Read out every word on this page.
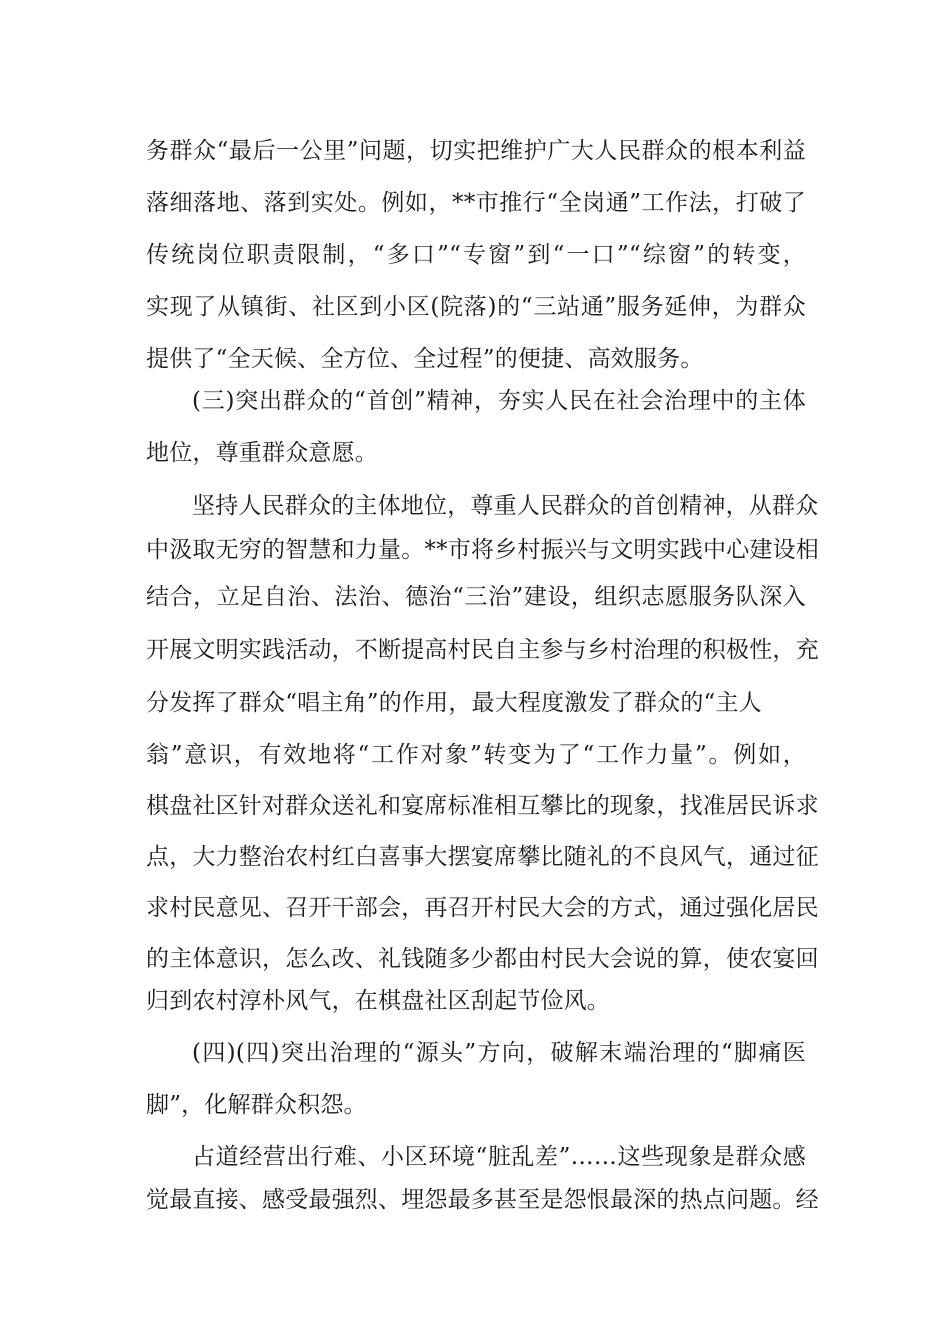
务群众“最后一公里”问题，切实把维护广大人民群众的根本利益
落细落地、落到实处。例如，**市推行“全岗通”工作法，打破了
传统岗位职责限制，“多口”“专窗”到“一口”“综窗”的转变，
实现了从镇街、社区到小区(院落)的“三站通”服务延伸，为群众
提供了“全天候、全方位、全过程”的便捷、高效服务。
(三)突出群众的“首创”精神，夯实人民在社会治理中的主体
地位，尊重群众意愿。
坚持人民群众的主体地位，尊重人民群众的首创精神，从群众
中汲取无穷的智慧和力量。**市将乡村振兴与文明实践中心建设相
结合，立足自治、法治、德治“三治”建设，组织志愿服务队深入
开展文明实践活动，不断提高村民自主参与乡村治理的积极性，充
分发挥了群众“唱主角”的作用，最大程度激发了群众的“主人
翁”意识，有效地将“工作对象”转变为了“工作力量”。例如，
棋盘社区针对群众送礼和宴席标准相互攀比的现象，找准居民诉求
点，大力整治农村红白喜事大摆宴席攀比随礼的不良风气，通过征
求村民意见、召开干部会，再召开村民大会的方式，通过强化居民
的主体意识，怎么改、礼钱随多少都由村民大会说的算，使农宴回
归到农村淳朴风气，在棋盘社区刮起节俭风。
(四)(四)突出治理的“源头”方向，破解末端治理的“脚痛医
脚”，化解群众积怨。
占道经营出行难、小区环境“脏乱差”……这些现象是群众感
觉最直接、感受最强烈、埋怨最多甚至是怨恨最深的热点问题。经
